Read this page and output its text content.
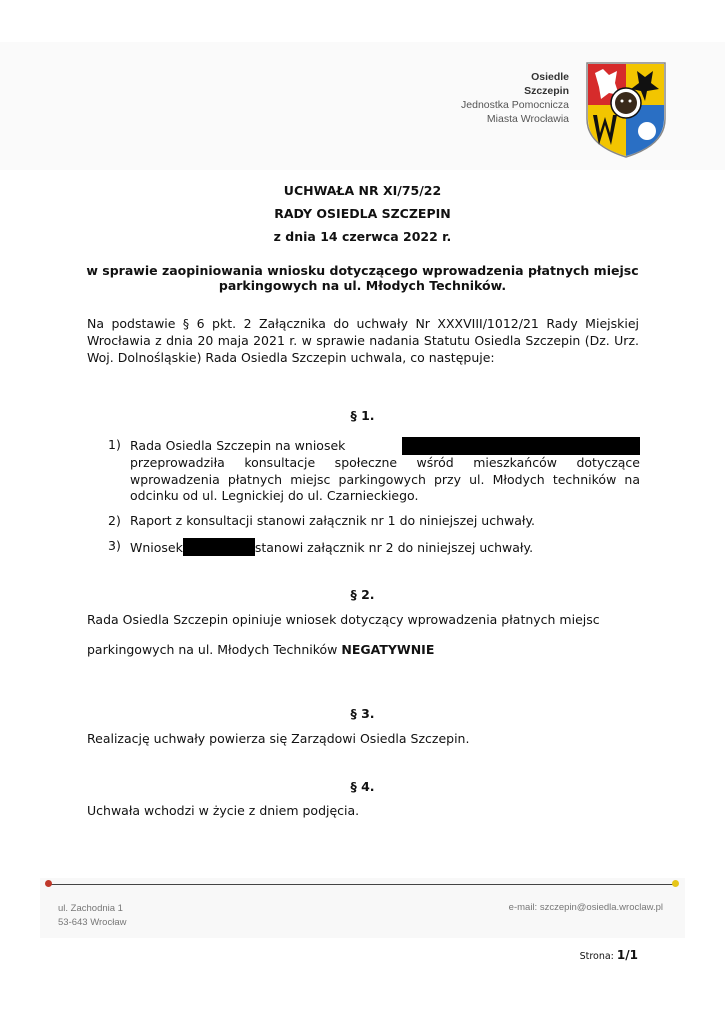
Osiedle
Szczepin
Jednostka Pomocnicza
Miasta Wrocławia
UCHWAŁA NR XI/75/22
RADY OSIEDLA SZCZEPIN
z dnia 14 czerwca 2022 r.
w sprawie zaopiniowania wniosku dotyczącego wprowadzenia płatnych miejsc parkingowych na ul. Młodych Techników.
Na podstawie § 6 pkt. 2 Załącznika do uchwały Nr XXXVIII/1012/21 Rady Miejskiej Wrocławia z dnia 20 maja 2021 r. w sprawie nadania Statutu Osiedla Szczepin (Dz. Urz. Woj. Dolnośląskie) Rada Osiedla Szczepin uchwala, co następuje:
§ 1.
1) Rada Osiedla Szczepin na wniosek
przeprowadziła konsultacje społeczne wśród mieszkańców dotyczące wprowadzenia płatnych miejsc parkingowych przy ul. Młodych techników na odcinku od ul. Legnickiej do ul. Czarnieckiego.
2) Raport z konsultacji stanowi załącznik nr 1 do niniejszej uchwały.
3) Wniosek	stanowi załącznik nr 2 do niniejszej uchwały.
§ 2.
Rada Osiedla Szczepin opiniuje wniosek dotyczący wprowadzenia płatnych miejsc
parkingowych na ul. Młodych Techników NEGATYWNIE
§ 3.
Realizację uchwały powierza się Zarządowi Osiedla Szczepin.
§ 4.
Uchwała wchodzi w życie z dniem podjęcia.
ul. Zachodnia 1
53-643 Wrocław
e-mail: szczepin@osiedla.wroclaw.pl
Strona: 1/1
